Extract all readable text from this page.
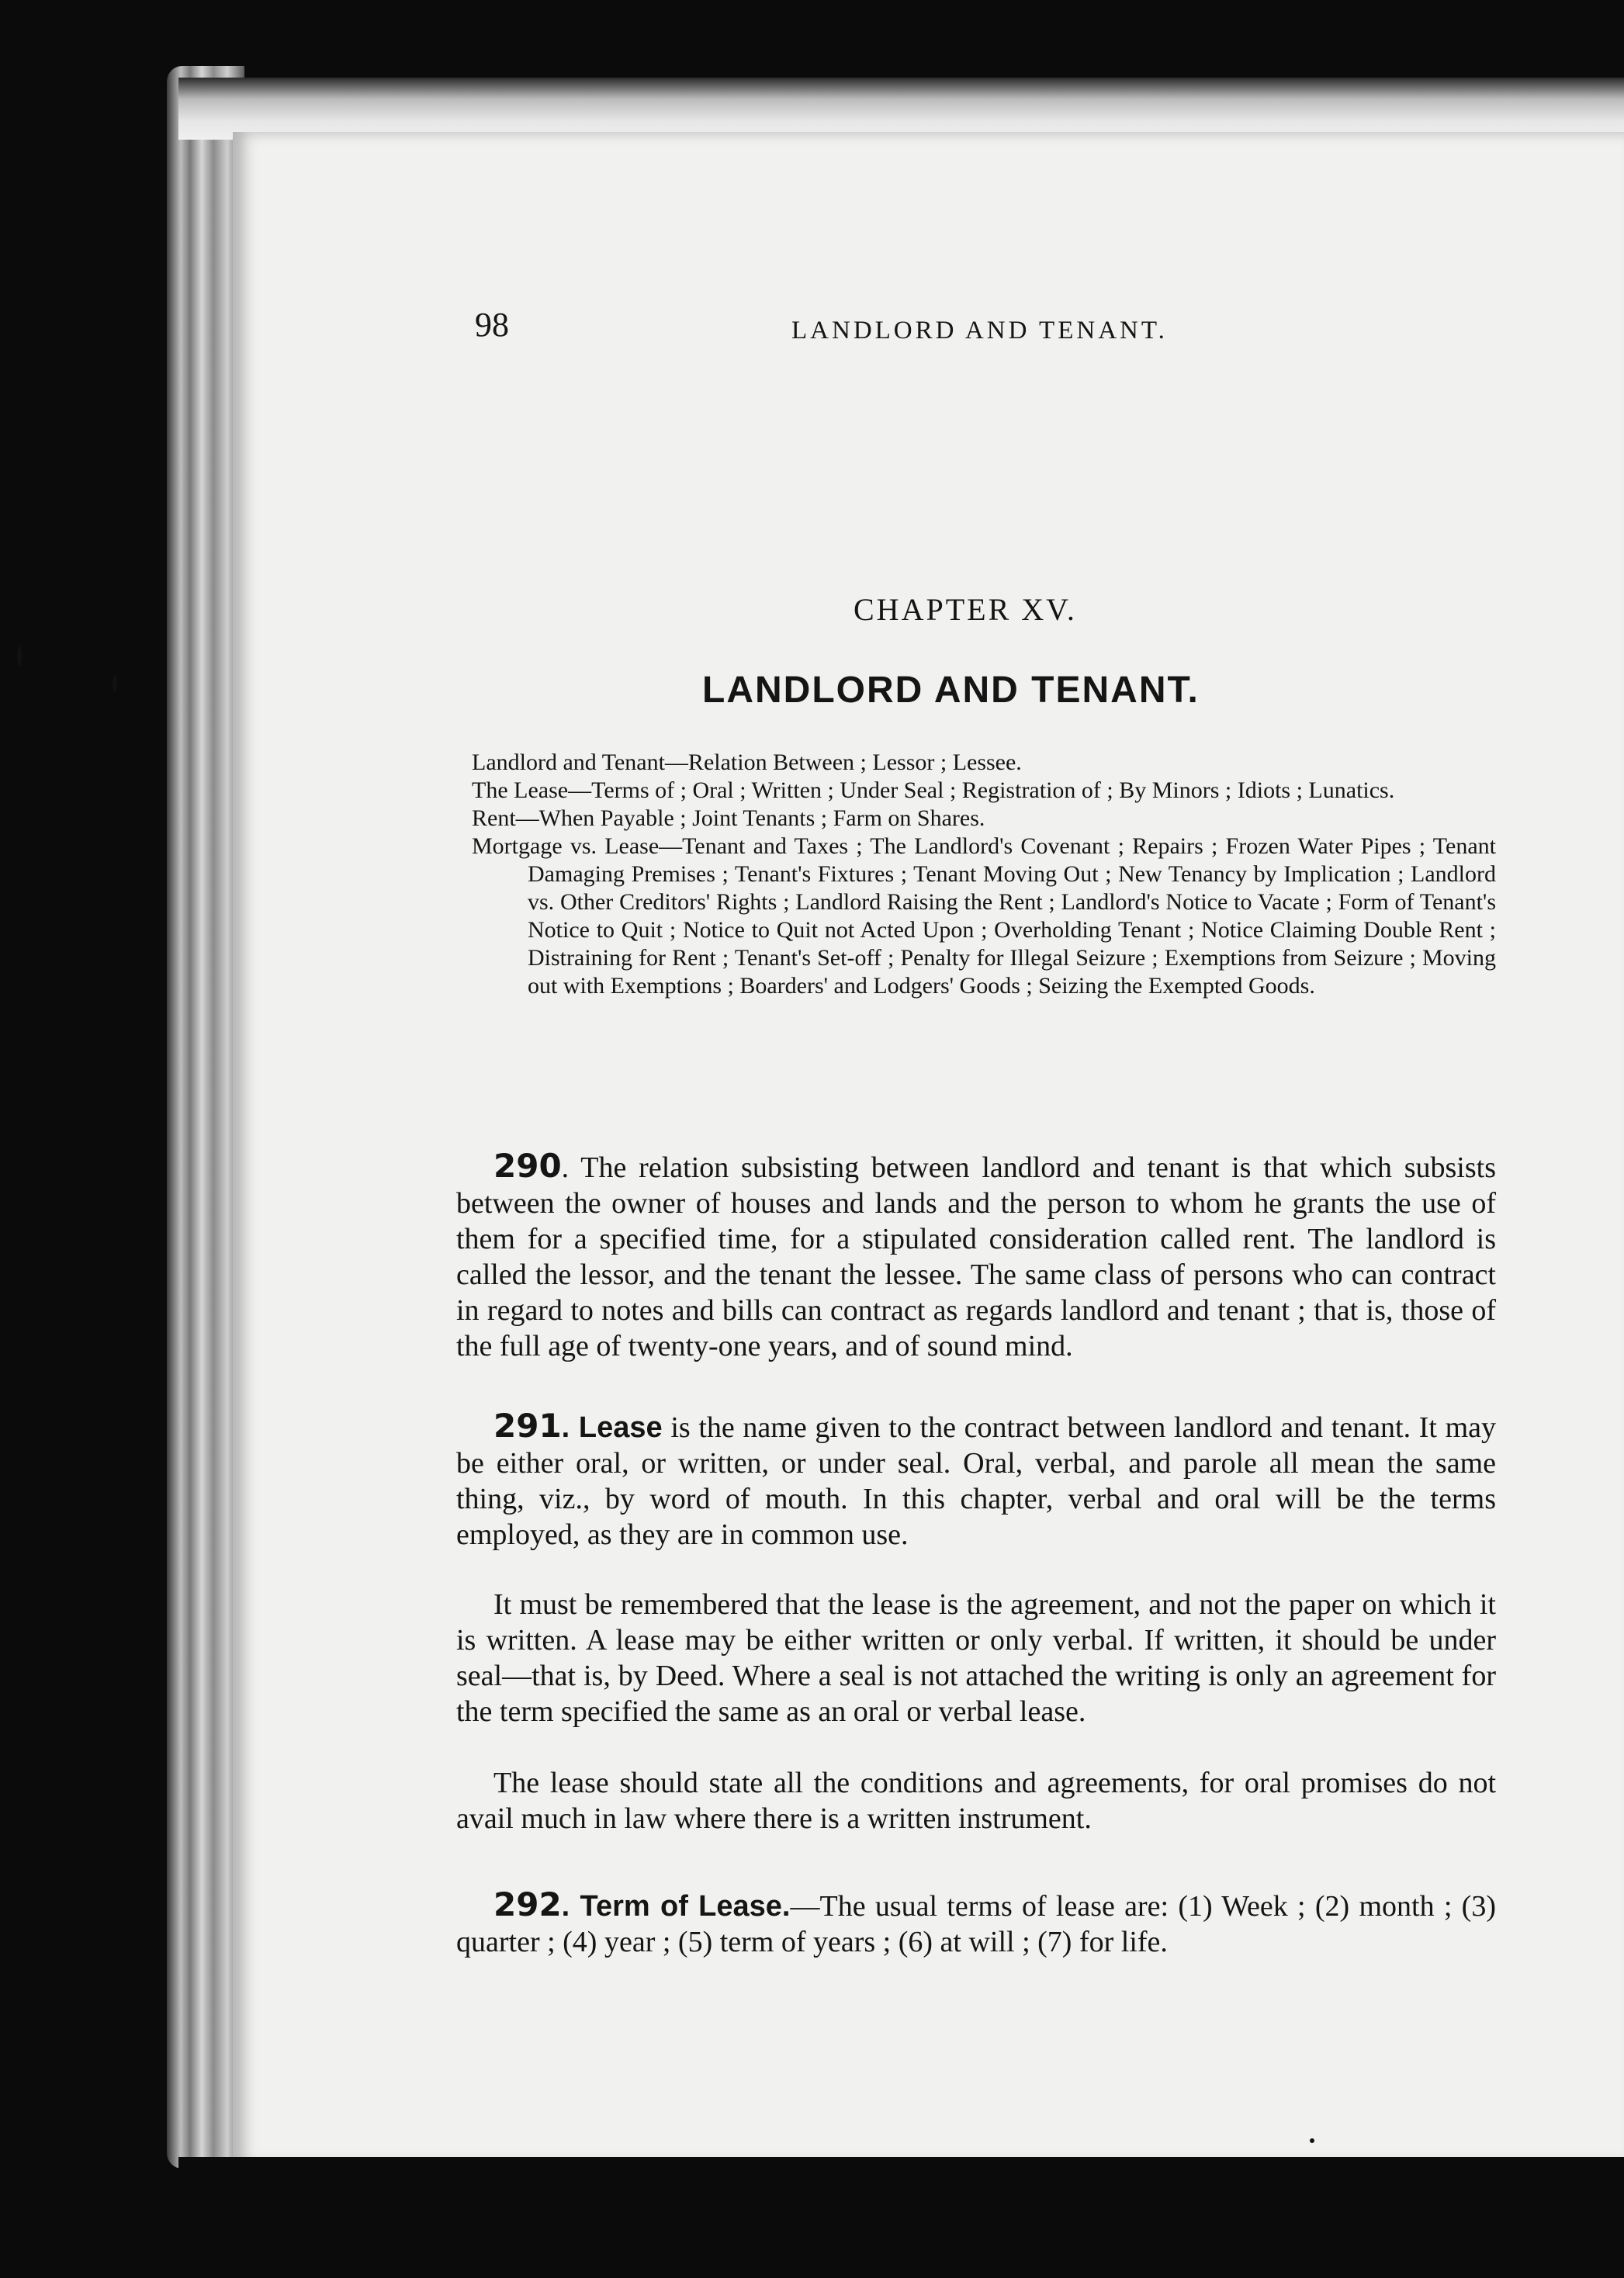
98	LANDLORD AND TENANT.

CHAPTER XV.

LANDLORD AND TENANT.
Landlord and Tenant—Relation Between ; Lessor ; Lessee.
The Lease—Terms of ; Oral ; Written ; Under Seal ; Registration of ; By Minors ; Idiots ; Lunatics.
Rent—When Payable ; Joint Tenants ; Farm on Shares.
Mortgage vs. Lease—Tenant and Taxes ; The Landlord's Covenant ; Repairs ; Frozen Water Pipes ; Tenant Damaging Premises ; Tenant's Fixtures ; Tenant Moving Out ; New Tenancy by Implication ; Landlord vs. Other Creditors' Rights ; Landlord Raising the Rent ; Landlord's Notice to Vacate ; Form of Tenant's Notice to Quit ; Notice to Quit not Acted Upon ; Overholding Tenant ; Notice Claiming Double Rent ; Distraining for Rent ; Tenant's Set-off ; Penalty for Illegal Seizure ; Exemptions from Seizure ; Moving out with Exemptions ; Boarders' and Lodgers' Goods ; Seizing the Exempted Goods.

290. The relation subsisting between landlord and tenant is that which subsists between the owner of houses and lands and the person to whom he grants the use of them for a specified time, for a stipulated consideration called rent. The landlord is called the lessor, and the tenant the lessee. The same class of persons who can contract in regard to notes and bills can contract as regards landlord and tenant ; that is, those of the full age of twenty-one years, and of sound mind.

291. Lease is the name given to the contract between landlord and tenant. It may be either oral, or written, or under seal. Oral, verbal, and parole all mean the same thing, viz., by word of mouth. In this chapter, verbal and oral will be the terms employed, as they are in common use.

It must be remembered that the lease is the agreement, and not the paper on which it is written. A lease may be either written or only verbal. If written, it should be under seal—that is, by Deed. Where a seal is not attached the writing is only an agreement for the term specified the same as an oral or verbal lease.

The lease should state all the conditions and agreements, for oral promises do not avail much in law where there is a written instrument.

292. Term of Lease.—The usual terms of lease are: (1) Week ; (2) month ; (3) quarter ; (4) year ; (5) term of years ; (6) at will ; (7) for life.
